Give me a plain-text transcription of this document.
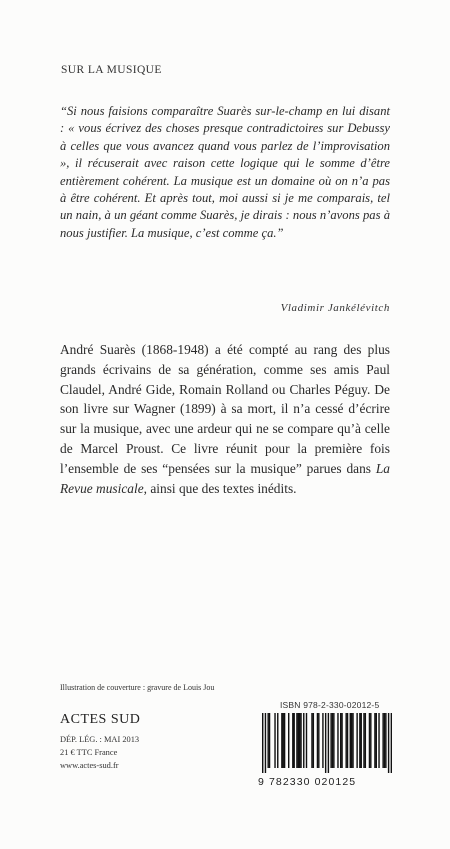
SUR LA MUSIQUE

“Si nous faisions comparaître Suarès sur-le-champ en lui disant : « vous écrivez des choses presque contradictoires sur Debussy à celles que vous avancez quand vous parlez de l’improvisation », il récuserait avec raison cette logique qui le somme d’être entièrement cohérent. La musique est un domaine où on n’a pas à être cohérent. Et après tout, moi aussi si je me comparais, tel un nain, à un géant comme Suarès, je dirais : nous n’avons pas à nous justifier. La musique, c’est comme ça.”

Vladimir Jankélévitch

André Suarès (1868-1948) a été compté au rang des plus grands écrivains de sa génération, comme ses amis Paul Claudel, André Gide, Romain Rolland ou Charles Péguy. De son livre sur Wagner (1899) à sa mort, il n’a cessé d’écrire sur la musique, avec une ardeur qui ne se compare qu’à celle de Marcel Proust. Ce livre réunit pour la première fois l’ensemble de ses “pensées sur la musique” parues dans La Revue musicale, ainsi que des textes inédits.

Illustration de couverture : gravure de Louis Jou
ACTES SUD
DÉP. LÉG. : MAI 2013
21 € TTC France
www.actes-sud.fr
ISBN 978-2-330-02012-5
9 782330 020125
